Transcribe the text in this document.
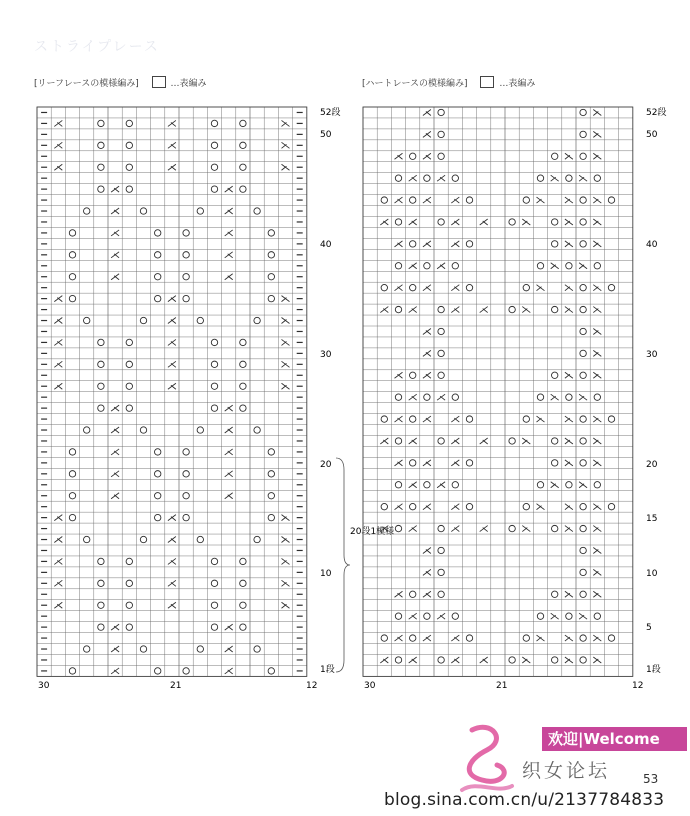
ストライプレース
[リーフレースの模様編み]	…表編み	[ハートレースの模様編み]	…表編み
52段
50
40
30
20
10
1段
30	21	12
20段1模様
52段
50
40
30
20
15
10
5
1段
30	21	12
欢迎|Welcome
织女论坛	53
blog.sina.com.cn/u/2137784833
